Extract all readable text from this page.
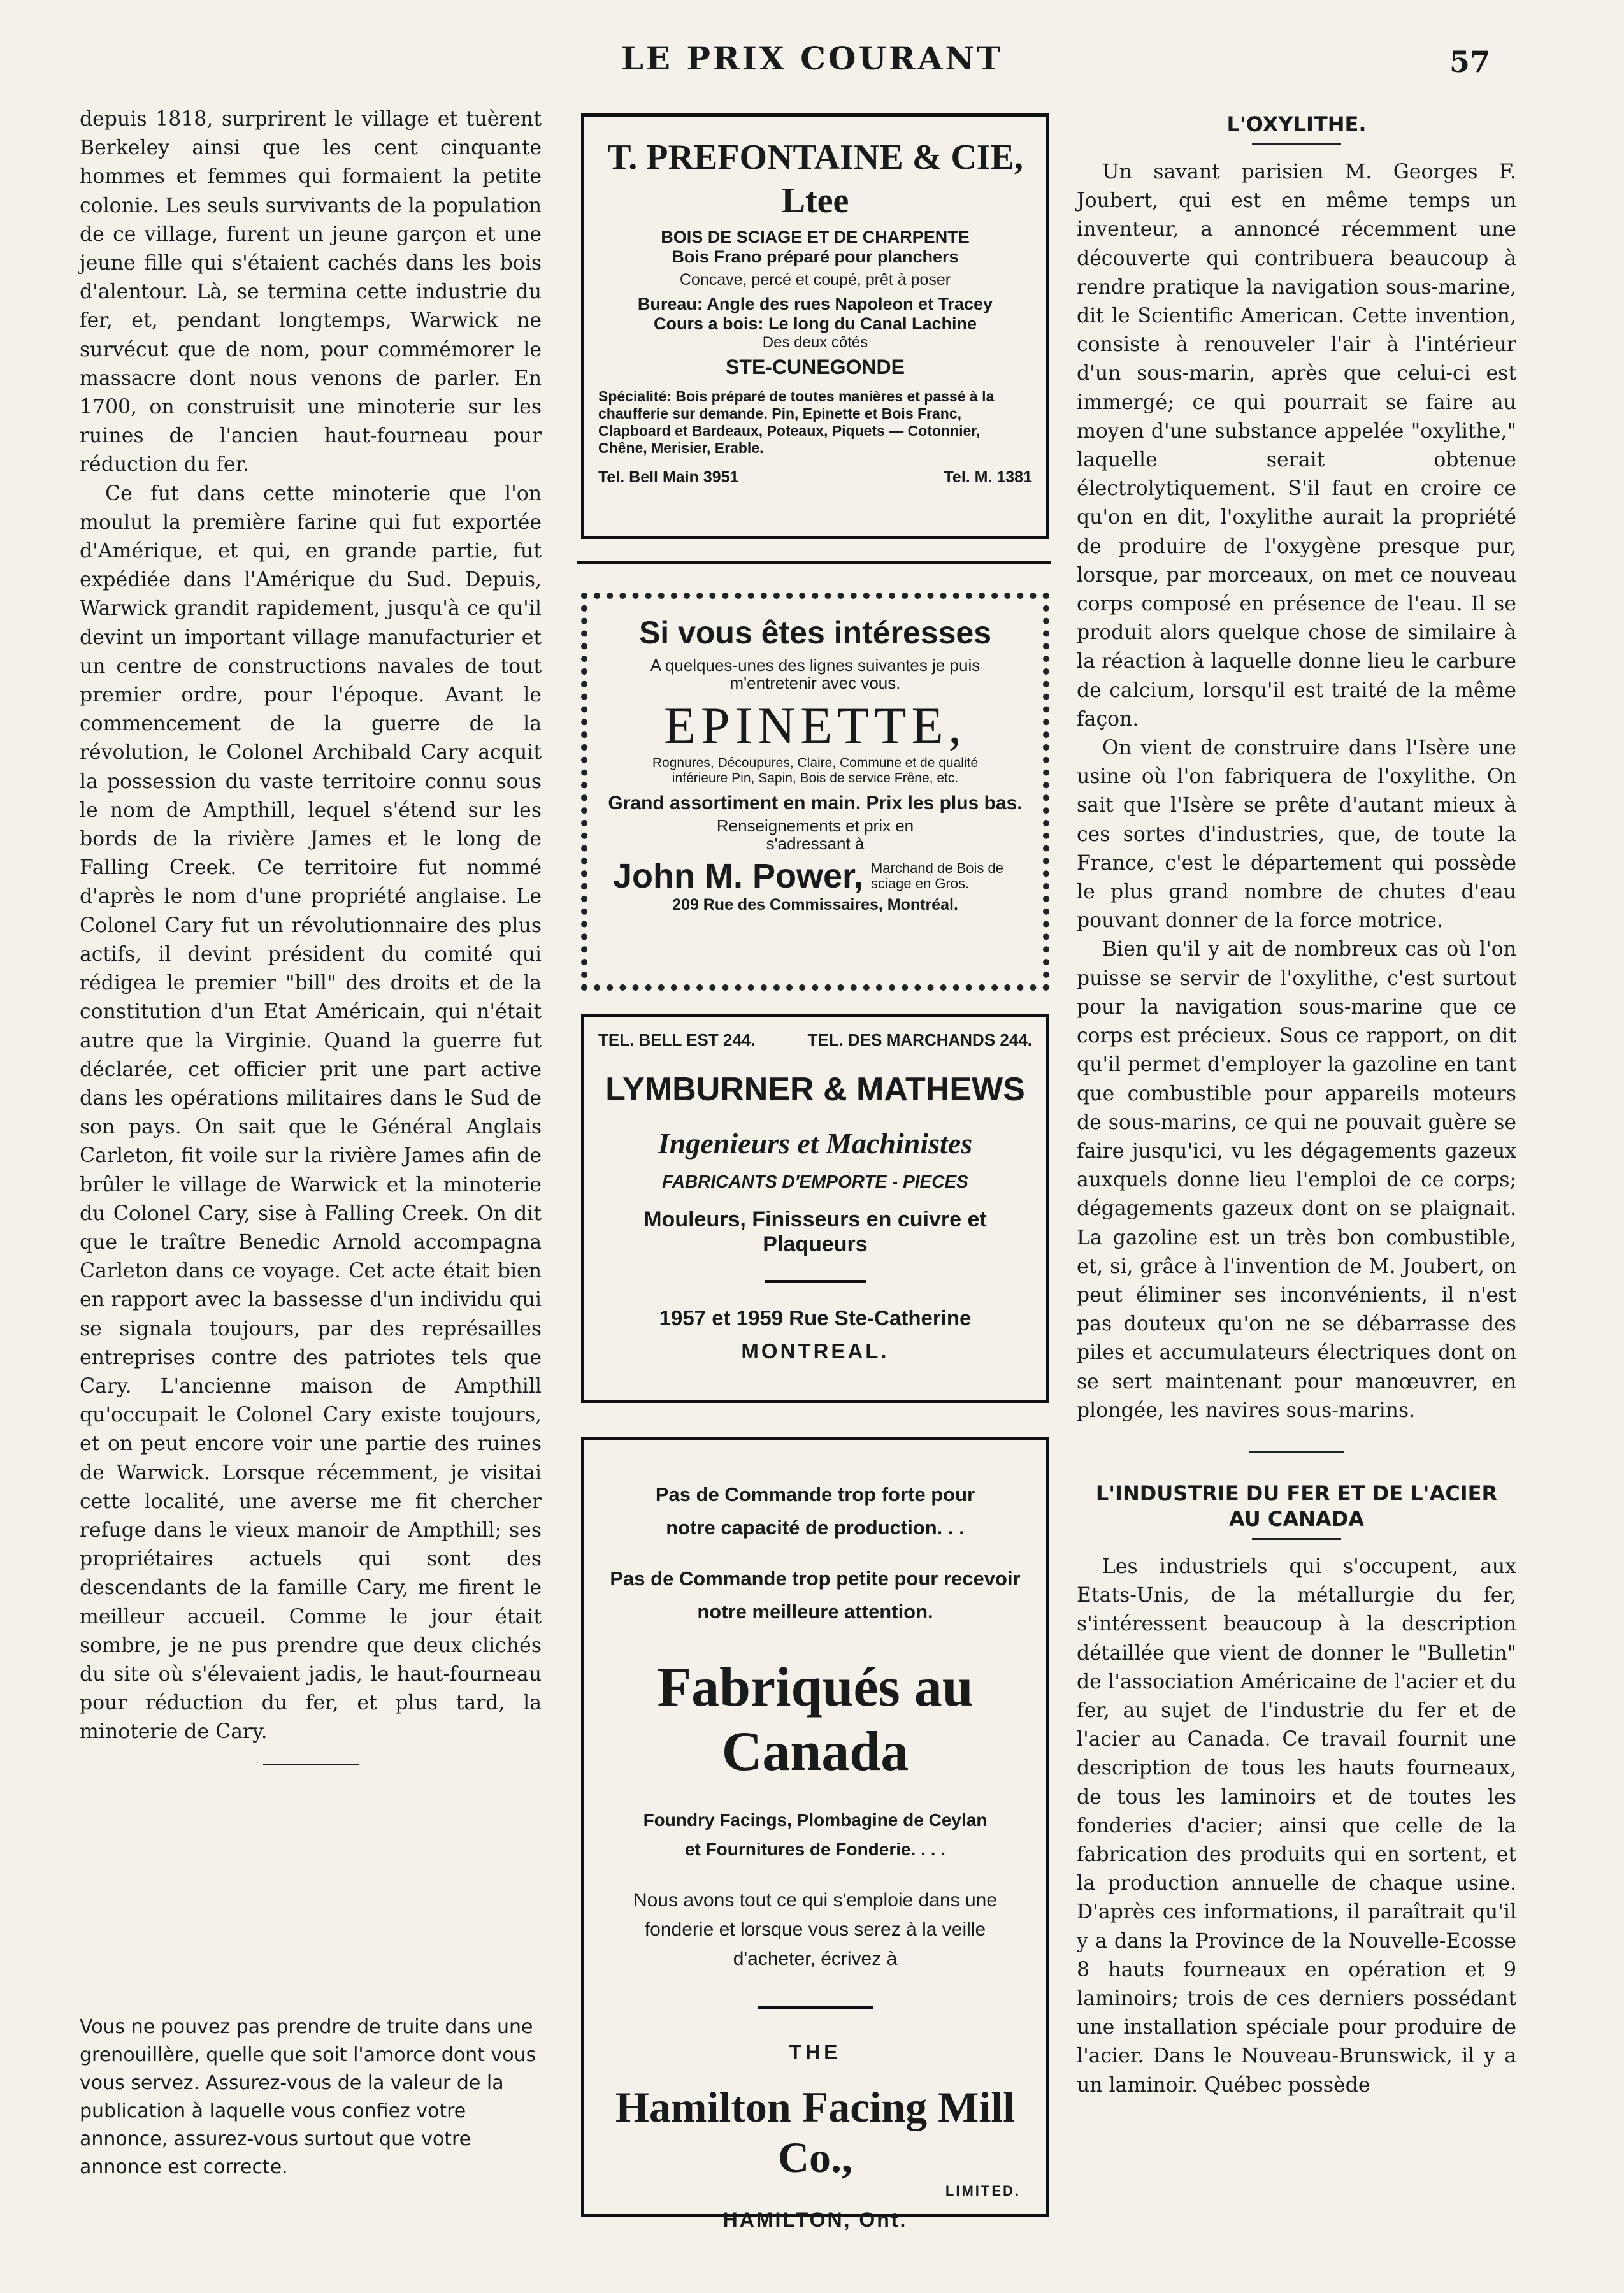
LE PRIX COURANT	57

depuis 1818, surprirent le village et tuèrent Berkeley ainsi que les cent cinquante hommes et femmes qui formaient la petite colonie. Les seuls survivants de la population de ce village, furent un jeune garçon et une jeune fille qui s'étaient cachés dans les bois d'alentour. Là, se termina cette industrie du fer, et, pendant longtemps, Warwick ne survécut que de nom, pour commémorer le massacre dont nous venons de parler. En 1700, on construisit une minoterie sur les ruines de l'ancien haut-fourneau pour réduction du fer.

Ce fut dans cette minoterie que l'on moulut la première farine qui fut exportée d'Amérique, et qui, en grande partie, fut expédiée dans l'Amérique du Sud. Depuis, Warwick grandit rapidement, jusqu'à ce qu'il devint un important village manufacturier et un centre de constructions navales de tout premier ordre, pour l'époque. Avant le commencement de la guerre de la révolution, le Colonel Archibald Cary acquit la possession du vaste territoire connu sous le nom de Ampthill, lequel s'étend sur les bords de la rivière James et le long de Falling Creek. Ce territoire fut nommé d'après le nom d'une propriété anglaise. Le Colonel Cary fut un révolutionnaire des plus actifs, il devint président du comité qui rédigea le premier "bill" des droits et de la constitution d'un Etat Américain, qui n'était autre que la Virginie. Quand la guerre fut déclarée, cet officier prit une part active dans les opérations militaires dans le Sud de son pays. On sait que le Général Anglais Carleton, fit voile sur la rivière James afin de brûler le village de Warwick et la minoterie du Colonel Cary, sise à Falling Creek. On dit que le traître Benedic Arnold accompagna Carleton dans ce voyage. Cet acte était bien en rapport avec la bassesse d'un individu qui se signala toujours, par des représailles entreprises contre des patriotes tels que Cary. L'ancienne maison de Ampthill qu'occupait le Colonel Cary existe toujours, et on peut encore voir une partie des ruines de Warwick. Lorsque récemment, je visitai cette localité, une averse me fit chercher refuge dans le vieux manoir de Ampthill; ses propriétaires actuels qui sont des descendants de la famille Cary, me firent le meilleur accueil. Comme le jour était sombre, je ne pus prendre que deux clichés du site où s'élevaient jadis, le haut-fourneau pour réduction du fer, et plus tard, la minoterie de Cary.

Vous ne pouvez pas prendre de truite dans une grenouillère, quelle que soit l'amorce dont vous vous servez. Assurez-vous de la valeur de la publication à laquelle vous confiez votre annonce, assurez-vous surtout que votre annonce est correcte.
T. PREFONTAINE & CIE, Ltee
BOIS DE SCIAGE ET DE CHARPENTE
Bois Frano préparé pour planchers
Concave, percé et coupé, prêt à poser
Bureau: Angle des rues Napoleon et Tracey
Cours a bois: Le long du Canal Lachine
Des deux côtés
STE-CUNEGONDE
Spécialité: Bois préparé de toutes manières et passé à la chaufferie sur demande. Pin, Epinette et Bois Franc, Clapboard et Bardeaux, Poteaux, Piquets — Cotonnier, Chêne, Merisier, Erable.
Tel. Bell Main 3951	Tel. M. 1381
Si vous êtes intéresses
A quelques-unes des lignes suivantes je puis m'entretenir avec vous.
EPINETTE,
Rognures, Découpures, Claire, Commune et de qualité inférieure Pin, Sapin, Bois de service Frêne, etc.
Grand assortiment en main. Prix les plus bas.
Renseignements et prix en s'adressant à
John M. Power, Marchand de Bois de sciage en Gros.
209 Rue des Commissaires, Montréal.
TEL. BELL EST 244.	TEL. DES MARCHANDS 244.
LYMBURNER & MATHEWS
Ingenieurs et Machinistes
FABRICANTS D'EMPORTE - PIECES
Mouleurs, Finisseurs en cuivre et Plaqueurs
1957 et 1959 Rue Ste-Catherine
MONTREAL.
Pas de Commande trop forte pour notre capacité de production. . .
Pas de Commande trop petite pour recevoir notre meilleure attention.
Fabriqués au Canada
Foundry Facings, Plombagine de Ceylan et Fournitures de Fonderie. . . .
Nous avons tout ce qui s'emploie dans une fonderie et lorsque vous serez à la veille d'acheter, écrivez à
THE
Hamilton Facing Mill Co.,
LIMITED.
HAMILTON, Ont.
L'OXYLITHE.

Un savant parisien M. Georges F. Joubert, qui est en même temps un inventeur, a annoncé récemment une découverte qui contribuera beaucoup à rendre pratique la navigation sous-marine, dit le Scientific American. Cette invention, consiste à renouveler l'air à l'intérieur d'un sous-marin, après que celui-ci est immergé; ce qui pourrait se faire au moyen d'une substance appelée "oxylithe," laquelle serait obtenue électrolytiquement. S'il faut en croire ce qu'on en dit, l'oxylithe aurait la propriété de produire de l'oxygène presque pur, lorsque, par morceaux, on met ce nouveau corps composé en présence de l'eau. Il se produit alors quelque chose de similaire à la réaction à laquelle donne lieu le carbure de calcium, lorsqu'il est traité de la même façon.

On vient de construire dans l'Isère une usine où l'on fabriquera de l'oxylithe. On sait que l'Isère se prête d'autant mieux à ces sortes d'industries, que, de toute la France, c'est le département qui possède le plus grand nombre de chutes d'eau pouvant donner de la force motrice.

Bien qu'il y ait de nombreux cas où l'on puisse se servir de l'oxylithe, c'est surtout pour la navigation sous-marine que ce corps est précieux. Sous ce rapport, on dit qu'il permet d'employer la gazoline en tant que combustible pour appareils moteurs de sous-marins, ce qui ne pouvait guère se faire jusqu'ici, vu les dégagements gazeux auxquels donne lieu l'emploi de ce corps; dégagements gazeux dont on se plaignait. La gazoline est un très bon combustible, et, si, grâce à l'invention de M. Joubert, on peut éliminer ses inconvénients, il n'est pas douteux qu'on ne se débarrasse des piles et accumulateurs électriques dont on se sert maintenant pour manœuvrer, en plongée, les navires sous-marins.

L'INDUSTRIE DU FER ET DE L'ACIER AU CANADA

Les industriels qui s'occupent, aux Etats-Unis, de la métallurgie du fer, s'intéressent beaucoup à la description détaillée que vient de donner le "Bulletin" de l'association Américaine de l'acier et du fer, au sujet de l'industrie du fer et de l'acier au Canada. Ce travail fournit une description de tous les hauts fourneaux, de tous les laminoirs et de toutes les fonderies d'acier; ainsi que celle de la fabrication des produits qui en sortent, et la production annuelle de chaque usine. D'après ces informations, il paraîtrait qu'il y a dans la Province de la Nouvelle-Ecosse 8 hauts fourneaux en opération et 9 laminoirs; trois de ces derniers possédant une installation spéciale pour produire de l'acier. Dans le Nouveau-Brunswick, il y a un laminoir. Québec possède
